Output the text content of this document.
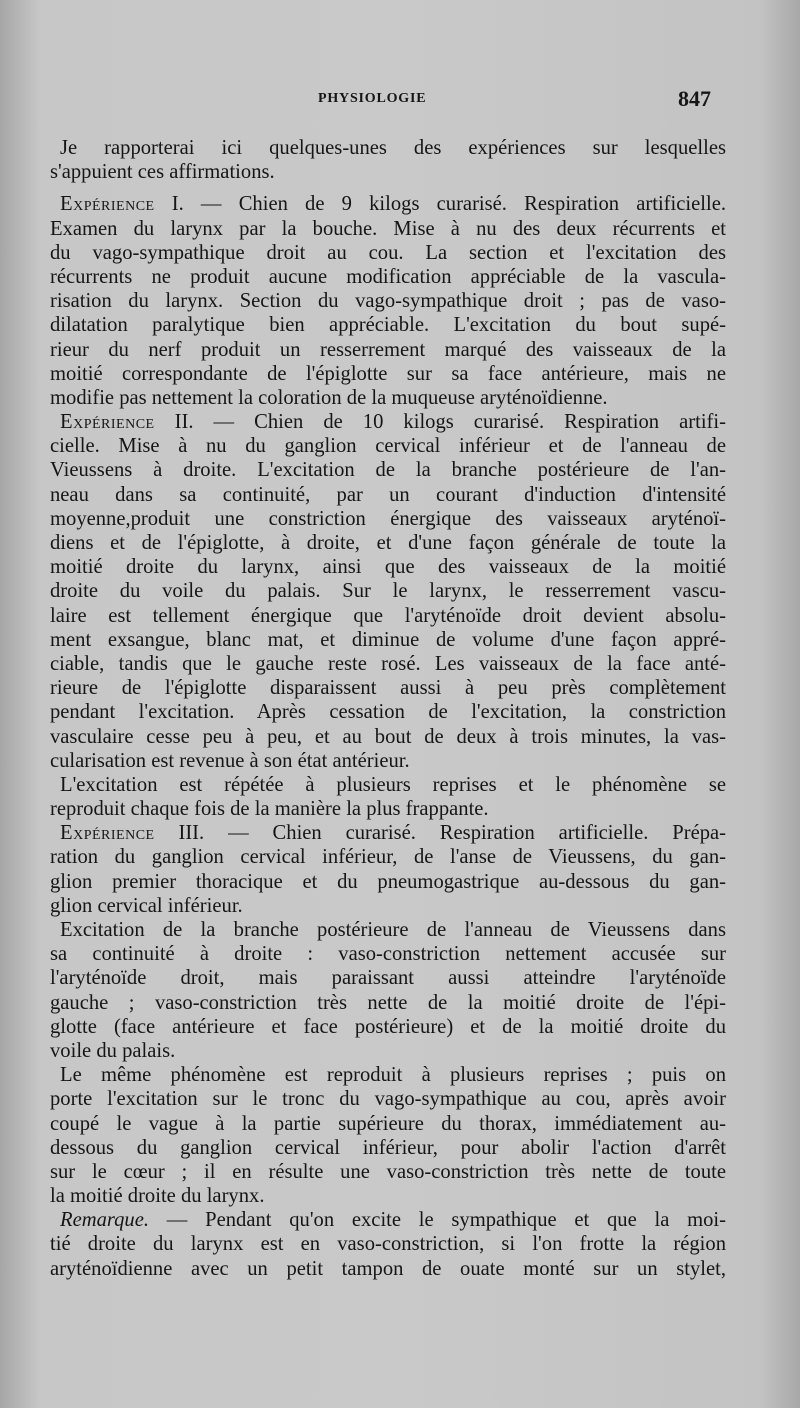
PHYSIOLOGIE	847
Je rapporterai ici quelques-unes des expériences sur lesquelles
s'appuient ces affirmations.
Expérience I. — Chien de 9 kilogs curarisé. Respiration artificielle.
Examen du larynx par la bouche. Mise à nu des deux récurrents et
du vago-sympathique droit au cou. La section et l'excitation des
récurrents ne produit aucune modification appréciable de la vascula-
risation du larynx. Section du vago-sympathique droit ; pas de vaso-
dilatation paralytique bien appréciable. L'excitation du bout supé-
rieur du nerf produit un resserrement marqué des vaisseaux de la
moitié correspondante de l'épiglotte sur sa face antérieure, mais ne
modifie pas nettement la coloration de la muqueuse aryténoïdienne.
Expérience II. — Chien de 10 kilogs curarisé. Respiration artifi-
cielle. Mise à nu du ganglion cervical inférieur et de l'anneau de
Vieussens à droite. L'excitation de la branche postérieure de l'an-
neau dans sa continuité, par un courant d'induction d'intensité
moyenne,produit une constriction énergique des vaisseaux aryténoï-
diens et de l'épiglotte, à droite, et d'une façon générale de toute la
moitié droite du larynx, ainsi que des vaisseaux de la moitié
droite du voile du palais. Sur le larynx, le resserrement vascu-
laire est tellement énergique que l'aryténoïde droit devient absolu-
ment exsangue, blanc mat, et diminue de volume d'une façon appré-
ciable, tandis que le gauche reste rosé. Les vaisseaux de la face anté-
rieure de l'épiglotte disparaissent aussi à peu près complètement
pendant l'excitation. Après cessation de l'excitation, la constriction
vasculaire cesse peu à peu, et au bout de deux à trois minutes, la vas-
cularisation est revenue à son état antérieur.
L'excitation est répétée à plusieurs reprises et le phénomène se
reproduit chaque fois de la manière la plus frappante.
Expérience III. — Chien curarisé. Respiration artificielle. Prépa-
ration du ganglion cervical inférieur, de l'anse de Vieussens, du gan-
glion premier thoracique et du pneumogastrique au-dessous du gan-
glion cervical inférieur.
Excitation de la branche postérieure de l'anneau de Vieussens dans
sa continuité à droite : vaso-constriction nettement accusée sur
l'aryténoïde droit, mais paraissant aussi atteindre l'aryténoïde
gauche ; vaso-constriction très nette de la moitié droite de l'épi-
glotte (face antérieure et face postérieure) et de la moitié droite du
voile du palais.
Le même phénomène est reproduit à plusieurs reprises ; puis on
porte l'excitation sur le tronc du vago-sympathique au cou, après avoir
coupé le vague à la partie supérieure du thorax, immédiatement au-
dessous du ganglion cervical inférieur, pour abolir l'action d'arrêt
sur le cœur ; il en résulte une vaso-constriction très nette de toute
la moitié droite du larynx.
Remarque. — Pendant qu'on excite le sympathique et que la moi-
tié droite du larynx est en vaso-constriction, si l'on frotte la région
aryténoïdienne avec un petit tampon de ouate monté sur un stylet,
